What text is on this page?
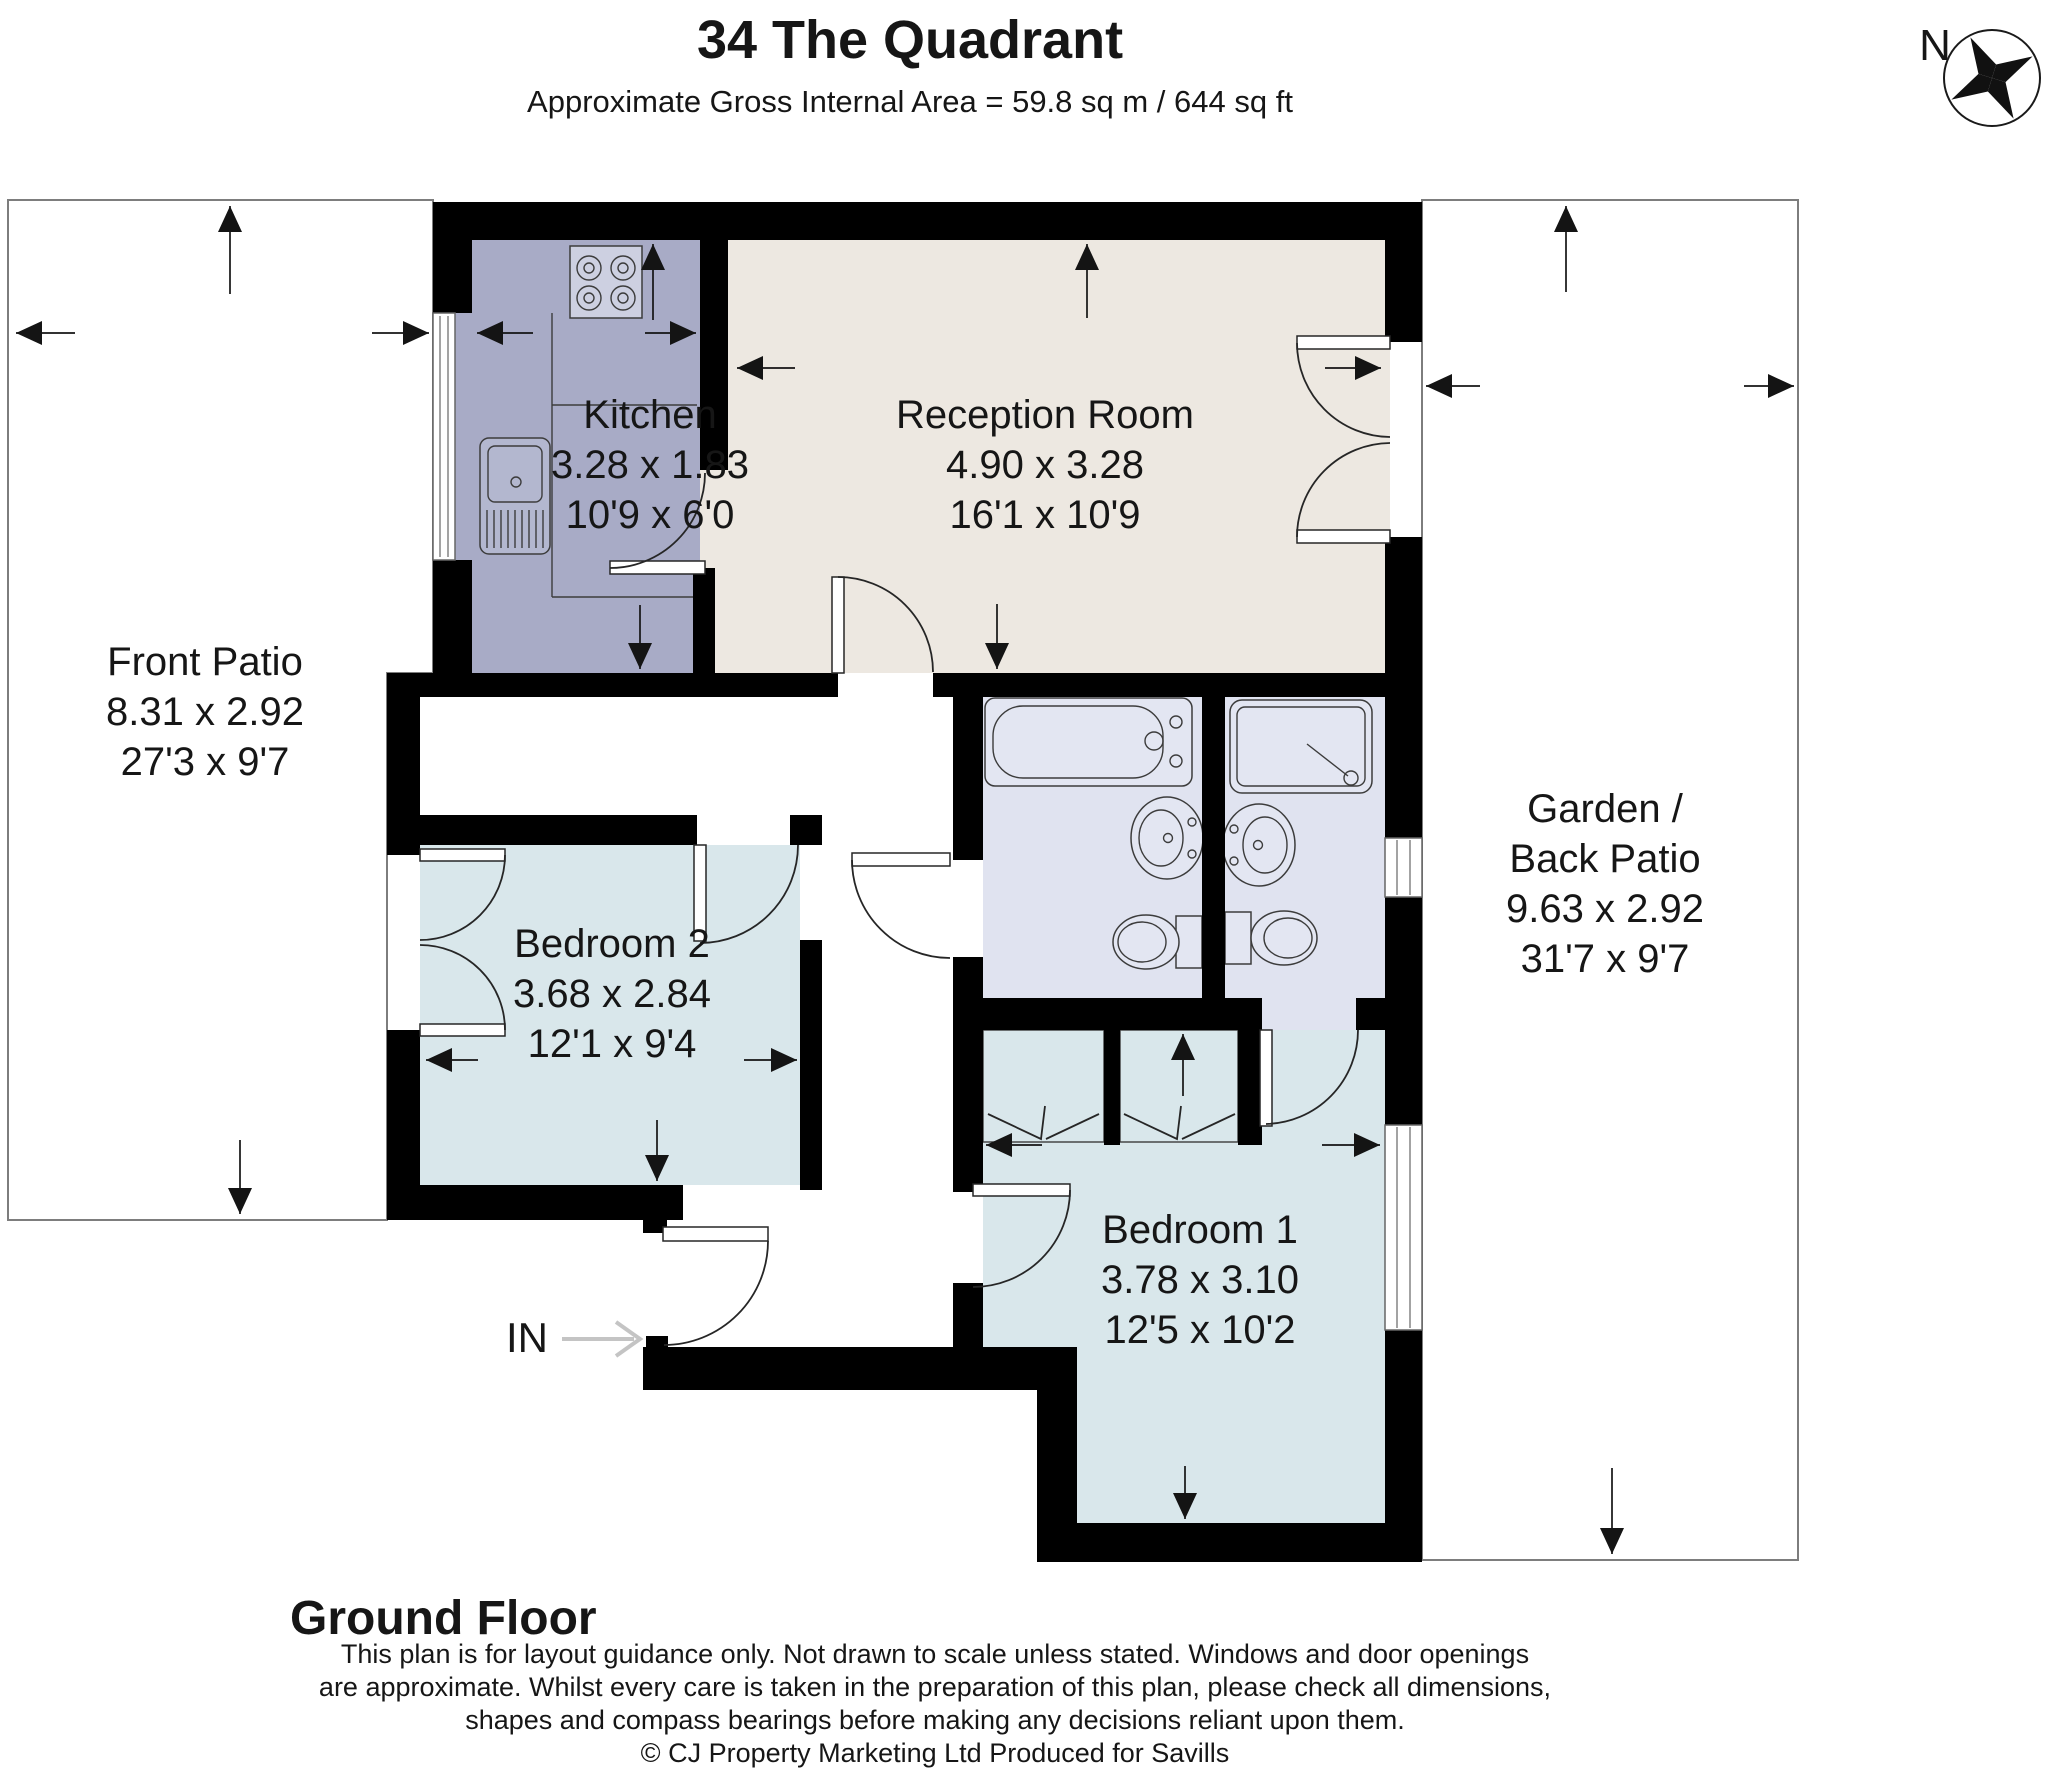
34 The Quadrant
Approximate Gross Internal Area = 59.8 sq m / 644 sq ft
N
IN
Front Patio
8.31 x 2.92
27'3 x 9'7
Kitchen
3.28 x 1.83
10'9 x 6'0
Reception Room
4.90 x 3.28
16'1 x 10'9
Bedroom 2
3.68 x 2.84
12'1 x 9'4
Garden /
Back Patio
9.63 x 2.92
31'7 x 9'7
Bedroom 1
3.78 x 3.10
12'5 x 10'2
Ground Floor
This plan is for layout guidance only. Not drawn to scale unless stated. Windows and door openings
are approximate. Whilst every care is taken in the preparation of this plan, please check all dimensions,
shapes and compass bearings before making any decisions reliant upon them.
© CJ Property Marketing Ltd Produced for Savills
